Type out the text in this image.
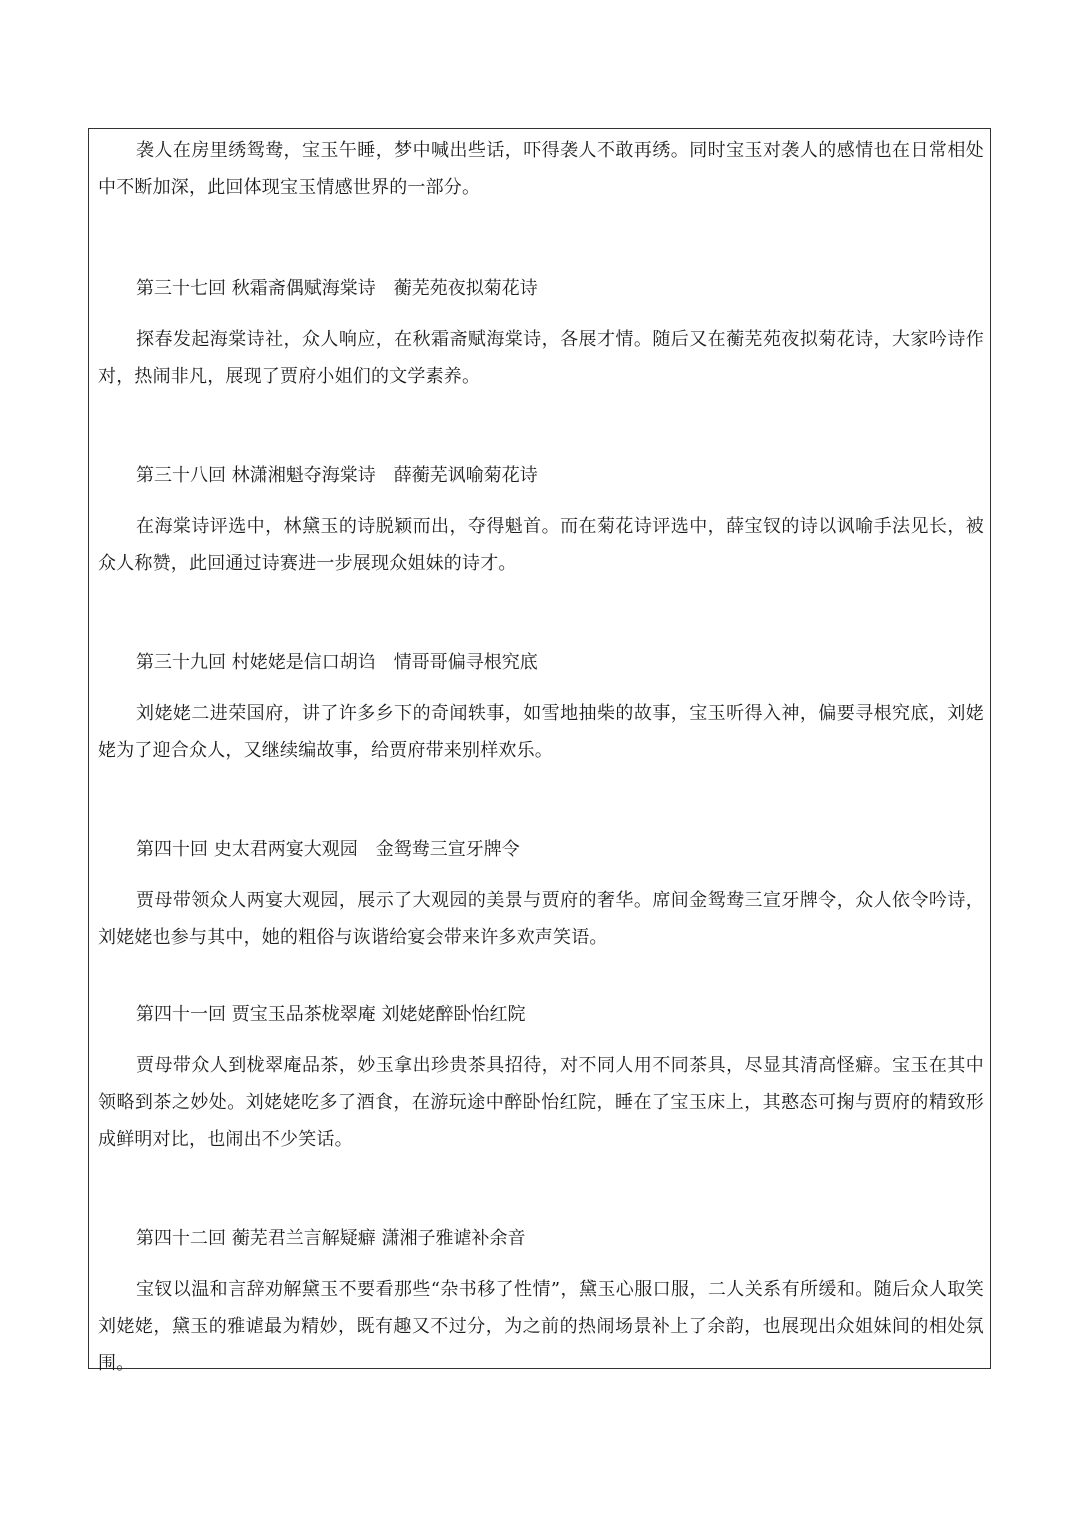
袭人在房里绣鸳鸯，宝玉午睡，梦中喊出些话，吓得袭人不敢再绣。同时宝玉对袭人的感情也在日常相处中不断加深，此回体现宝玉情感世界的一部分。

第三十七回 秋霜斋偶赋海棠诗　蘅芜苑夜拟菊花诗

探春发起海棠诗社，众人响应，在秋霜斋赋海棠诗，各展才情。随后又在蘅芜苑夜拟菊花诗，大家吟诗作对，热闹非凡，展现了贾府小姐们的文学素养。

第三十八回 林潇湘魁夺海棠诗　薛蘅芜讽喻菊花诗

在海棠诗评选中，林黛玉的诗脱颖而出，夺得魁首。而在菊花诗评选中，薛宝钗的诗以讽喻手法见长，被众人称赞，此回通过诗赛进一步展现众姐妹的诗才。

第三十九回 村姥姥是信口胡诌　情哥哥偏寻根究底

刘姥姥二进荣国府，讲了许多乡下的奇闻轶事，如雪地抽柴的故事，宝玉听得入神，偏要寻根究底，刘姥姥为了迎合众人，又继续编故事，给贾府带来别样欢乐。

第四十回 史太君两宴大观园　金鸳鸯三宣牙牌令

贾母带领众人两宴大观园，展示了大观园的美景与贾府的奢华。席间金鸳鸯三宣牙牌令，众人依令吟诗，刘姥姥也参与其中，她的粗俗与诙谐给宴会带来许多欢声笑语。

第四十一回 贾宝玉品茶栊翠庵 刘姥姥醉卧怡红院

贾母带众人到栊翠庵品茶，妙玉拿出珍贵茶具招待，对不同人用不同茶具，尽显其清高怪癖。宝玉在其中领略到茶之妙处。刘姥姥吃多了酒食，在游玩途中醉卧怡红院，睡在了宝玉床上，其憨态可掬与贾府的精致形成鲜明对比，也闹出不少笑话。

第四十二回 蘅芜君兰言解疑癖 潇湘子雅谑补余音

宝钗以温和言辞劝解黛玉不要看那些“杂书移了性情”，黛玉心服口服，二人关系有所缓和。随后众人取笑刘姥姥，黛玉的雅谑最为精妙，既有趣又不过分，为之前的热闹场景补上了余韵，也展现出众姐妹间的相处氛围。
